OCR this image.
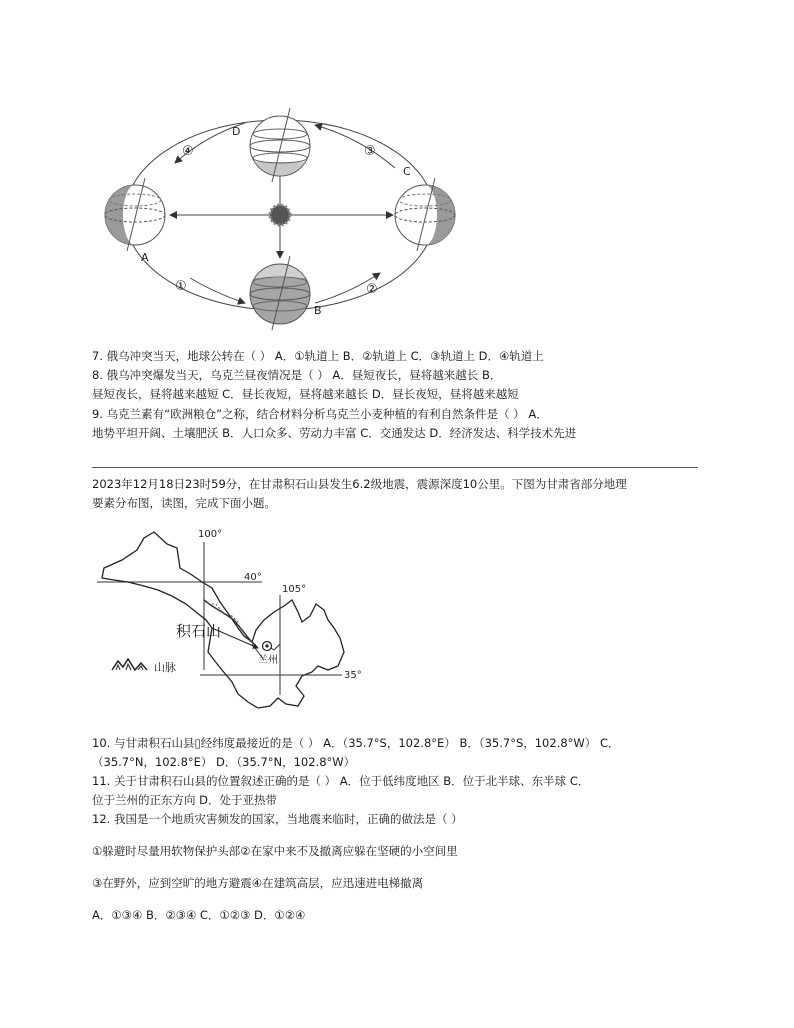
A
B
C
D
①	②
③
④
7. 俄乌冲突当天，地球公转在（ ） A．①轨道上 B．②轨道上 C．③轨道上 D．④轨道上
8. 俄乌冲突爆发当天，乌克兰昼夜情况是（ ） A．昼短夜长，昼将越来越长 B．
昼短夜长，昼将越来越短 C．昼长夜短，昼将越来越长 D．昼长夜短，昼将越来越短
9. 乌克兰素有“欧洲粮仓”之称，结合材料分析乌克兰小麦种植的有利自然条件是（ ） A．
地势平坦开阔、土壤肥沃 B．人口众多、劳动力丰富 C．交通发达 D．经济发达、科学技术先进
2023年12月18日23时59分，在甘肃积石山县发生6.2级地震，震源深度10公里。下图为甘肃省部分地理
要素分布图，读图，完成下面小题。
100°
40°
105°
35°
积石山
兰州
山脉
10. 与甘肃积石山县▯经纬度最接近的是（ ） A．（35.7°S，102.8°E） B．（35.7°S，102.8°W） C．
（35.7°N，102.8°E） D．（35.7°N，102.8°W）
11. 关于甘肃积石山县的位置叙述正确的是（ ） A．位于低纬度地区 B．位于北半球、东半球 C．
位于兰州的正东方向 D．处于亚热带
12. 我国是一个地质灾害频发的国家，当地震来临时，正确的做法是（ ）
①躲避时尽量用软物保护头部②在家中来不及撤离应躲在坚硬的小空间里
③在野外，应到空旷的地方避震④在建筑高层，应迅速进电梯撤离
A．①③④ B．②③④ C．①②③ D．①②④
